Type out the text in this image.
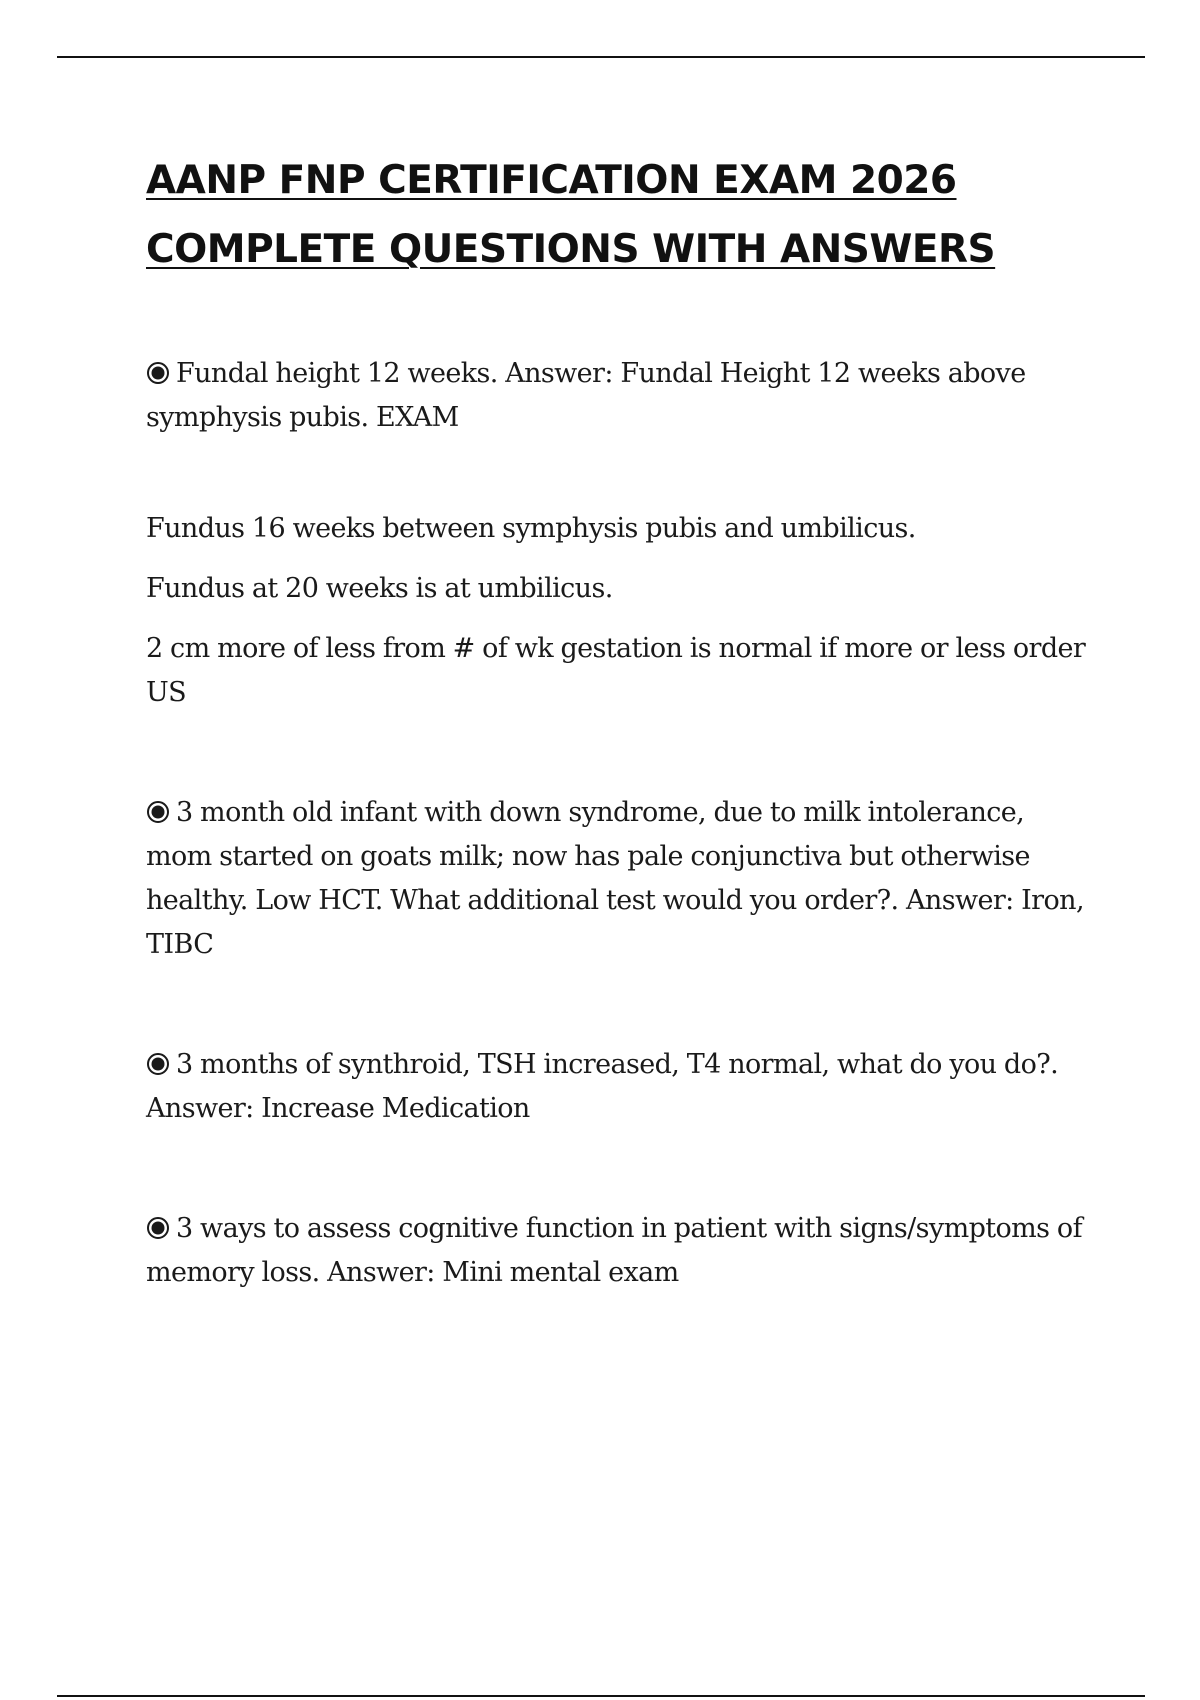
AANP FNP CERTIFICATION EXAM 2026
COMPLETE QUESTIONS WITH ANSWERS

Fundal height 12 weeks. Answer: Fundal Height 12 weeks above symphysis pubis. EXAM

Fundus 16 weeks between symphysis pubis and umbilicus.

Fundus at 20 weeks is at umbilicus.

2 cm more of less from # of wk gestation is normal if more or less order US

3 month old infant with down syndrome, due to milk intolerance, mom started on goats milk; now has pale conjunctiva but otherwise healthy. Low HCT. What additional test would you order?. Answer: Iron, TIBC

3 months of synthroid, TSH increased, T4 normal, what do you do?. Answer: Increase Medication

3 ways to assess cognitive function in patient with signs/symptoms of memory loss. Answer: Mini mental exam
